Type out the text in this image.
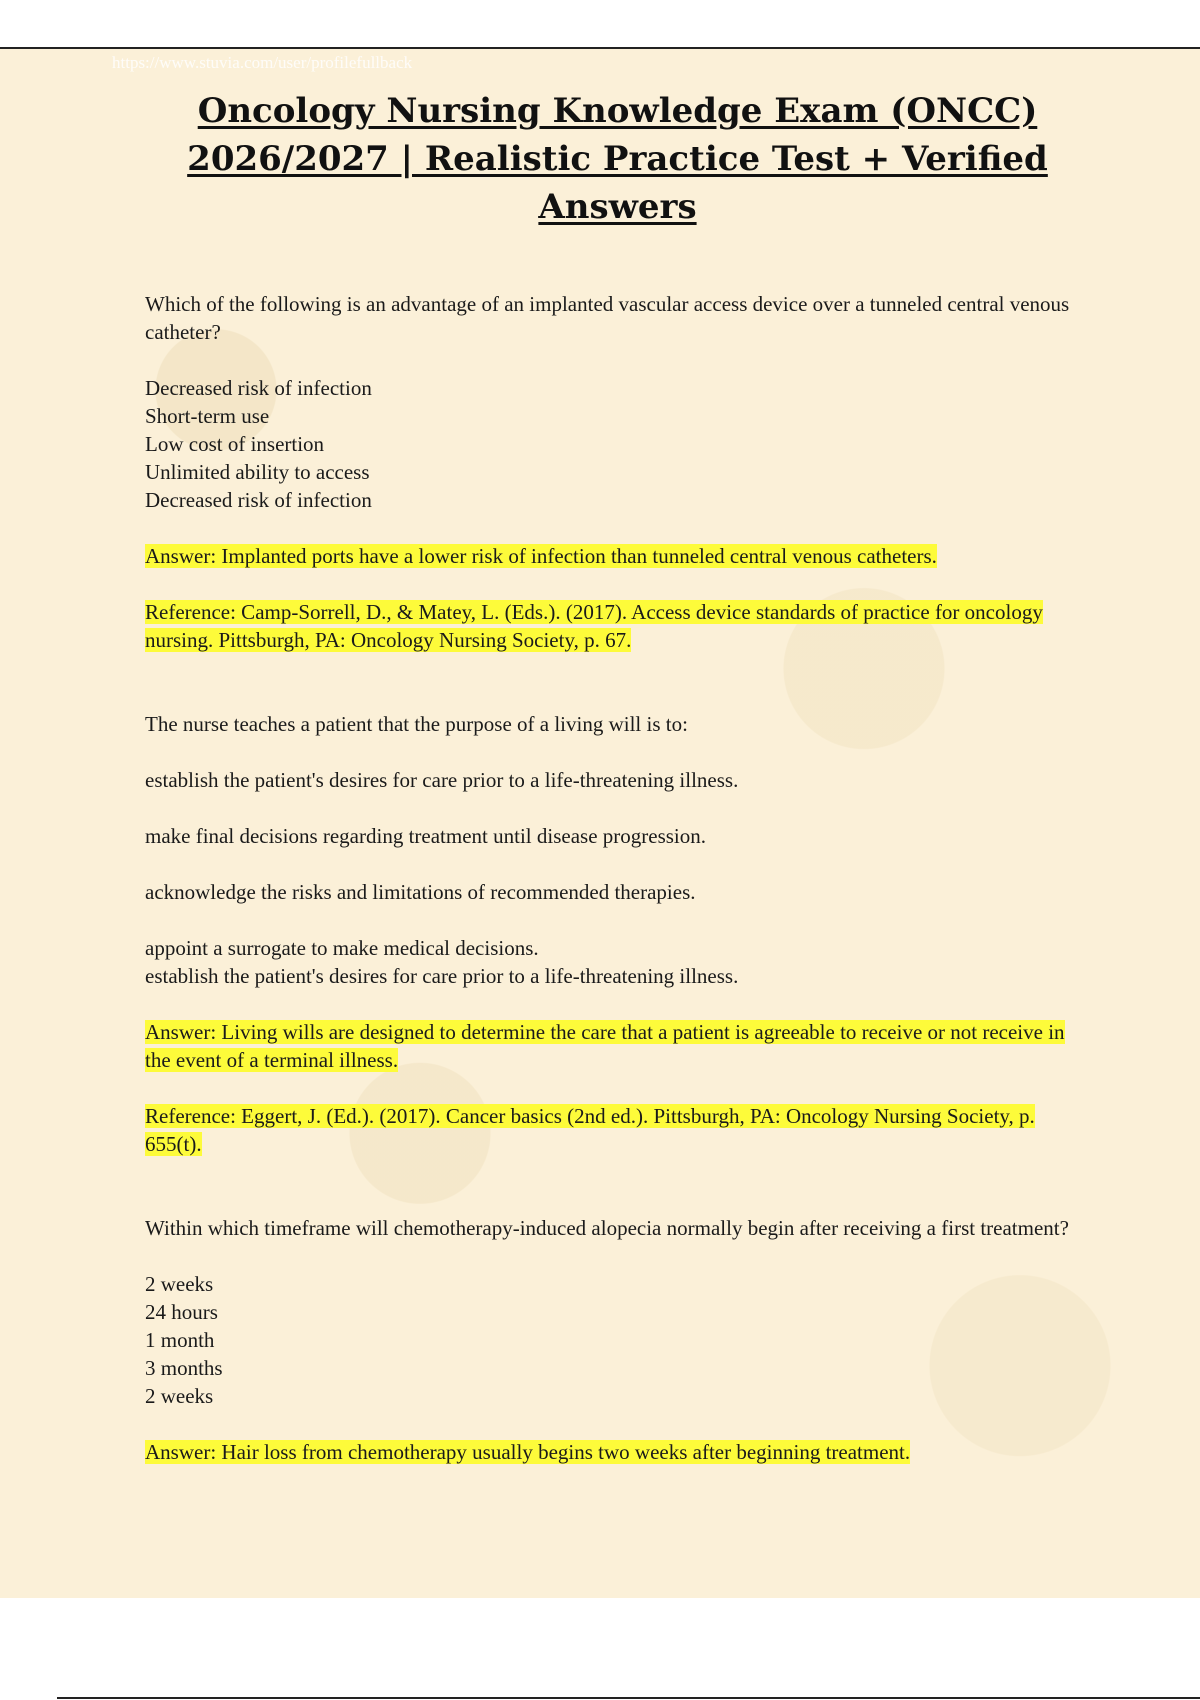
https://www.stuvia.com/user/profilefullback
Oncology Nursing Knowledge Exam (ONCC) 2026/2027 | Realistic Practice Test + Verified Answers

Which of the following is an advantage of an implanted vascular access device over a tunneled central venous catheter?

Decreased risk of infection
Short-term use
Low cost of insertion
Unlimited ability to access
Decreased risk of infection

Answer: Implanted ports have a lower risk of infection than tunneled central venous catheters.

Reference: Camp-Sorrell, D., & Matey, L. (Eds.). (2017). Access device standards of practice for oncology nursing. Pittsburgh, PA: Oncology Nursing Society, p. 67.

The nurse teaches a patient that the purpose of a living will is to:

establish the patient's desires for care prior to a life-threatening illness.

make final decisions regarding treatment until disease progression.

acknowledge the risks and limitations of recommended therapies.

appoint a surrogate to make medical decisions.
establish the patient's desires for care prior to a life-threatening illness.

Answer: Living wills are designed to determine the care that a patient is agreeable to receive or not receive in the event of a terminal illness.

Reference: Eggert, J. (Ed.). (2017). Cancer basics (2nd ed.). Pittsburgh, PA: Oncology Nursing Society, p. 655(t).

Within which timeframe will chemotherapy-induced alopecia normally begin after receiving a first treatment?

2 weeks
24 hours
1 month
3 months
2 weeks

Answer: Hair loss from chemotherapy usually begins two weeks after beginning treatment.
